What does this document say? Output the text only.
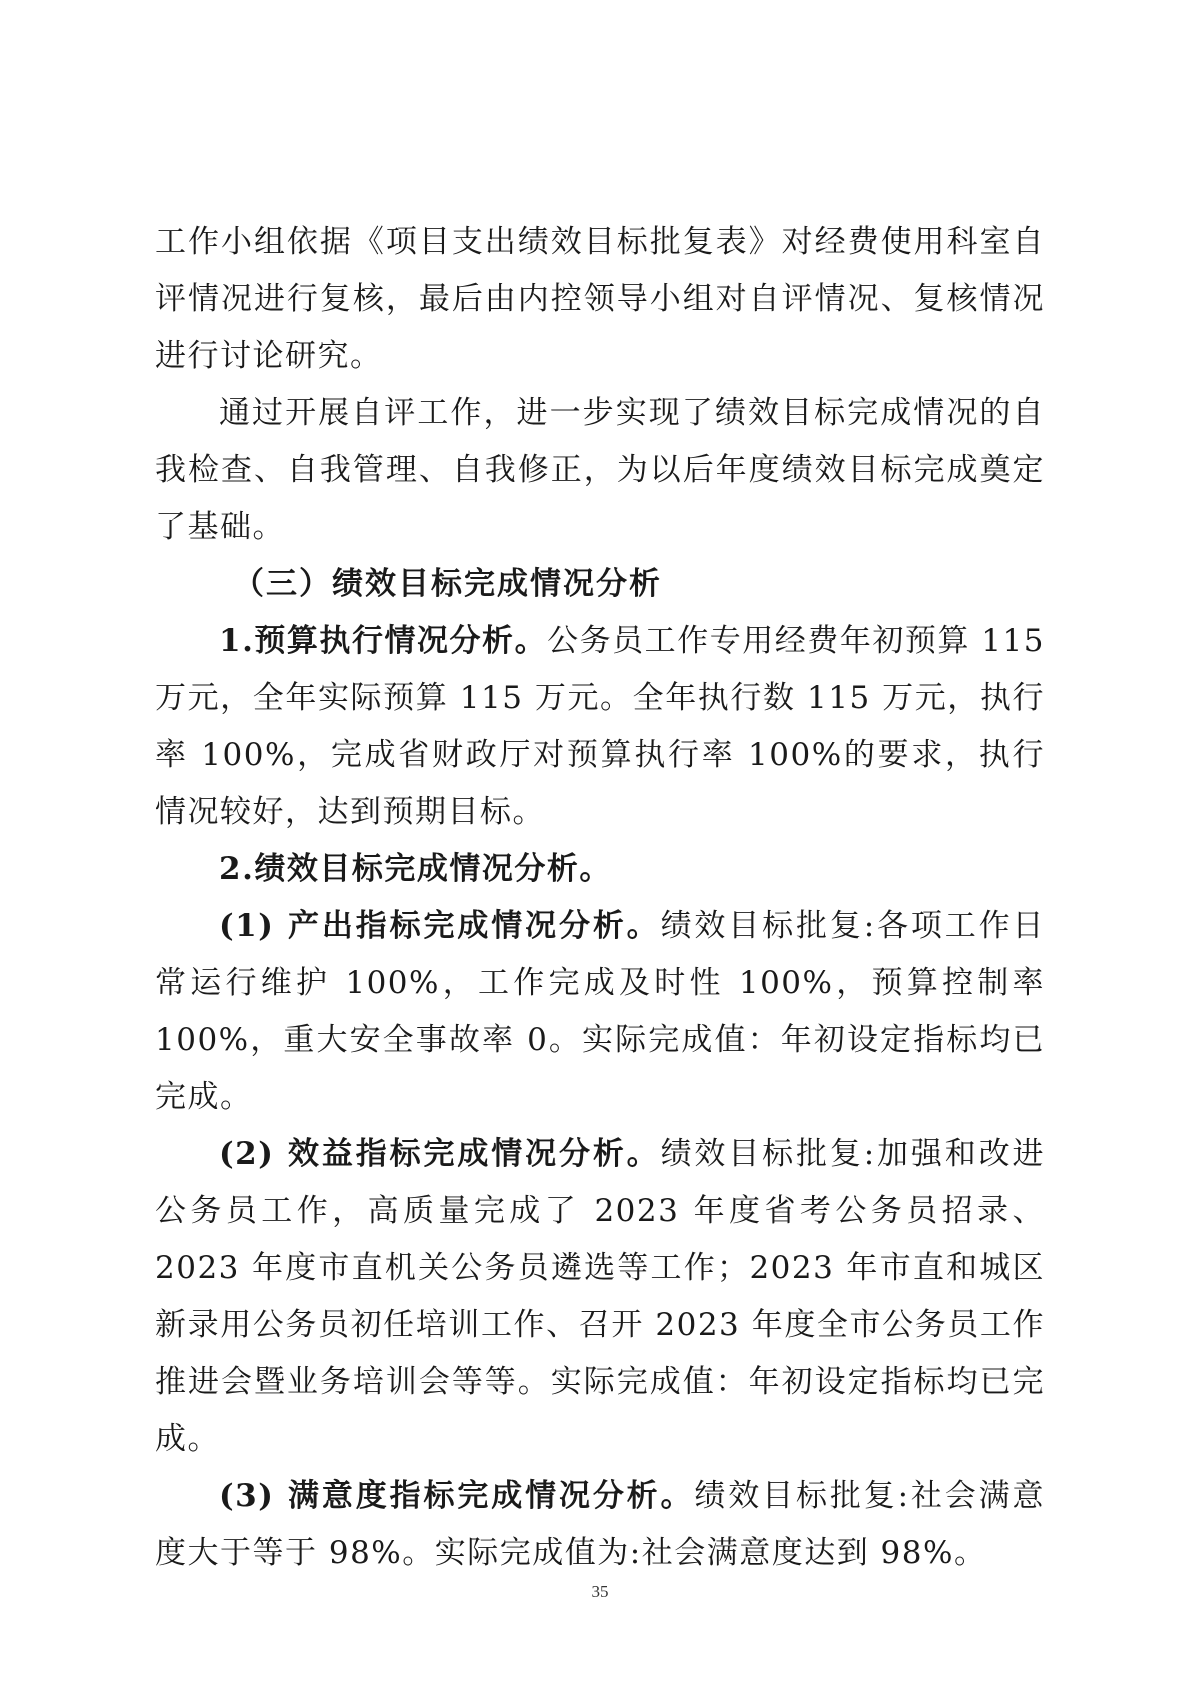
工作小组依据《项目支出绩效目标批复表》对经费使用科室自评情况进行复核，最后由内控领导小组对自评情况、复核情况进行讨论研究。

通过开展自评工作，进一步实现了绩效目标完成情况的自我检查、自我管理、自我修正，为以后年度绩效目标完成奠定了基础。

（三）绩效目标完成情况分析

1.预算执行情况分析。公务员工作专用经费年初预算 115 万元，全年实际预算 115 万元。全年执行数 115 万元，执行率 100%，完成省财政厅对预算执行率 100%的要求，执行情况较好，达到预期目标。

2.绩效目标完成情况分析。

(1) 产出指标完成情况分析。绩效目标批复:各项工作日常运行维护 100%，工作完成及时性 100%，预算控制率 100%，重大安全事故率 0。实际完成值：年初设定指标均已完成。

(2) 效益指标完成情况分析。绩效目标批复:加强和改进公务员工作，高质量完成了 2023 年度省考公务员招录、2023 年度市直机关公务员遴选等工作；2023 年市直和城区新录用公务员初任培训工作、召开 2023 年度全市公务员工作推进会暨业务培训会等等。实际完成值：年初设定指标均已完成。

(3) 满意度指标完成情况分析。绩效目标批复:社会满意度大于等于 98%。实际完成值为:社会满意度达到 98%。

35
